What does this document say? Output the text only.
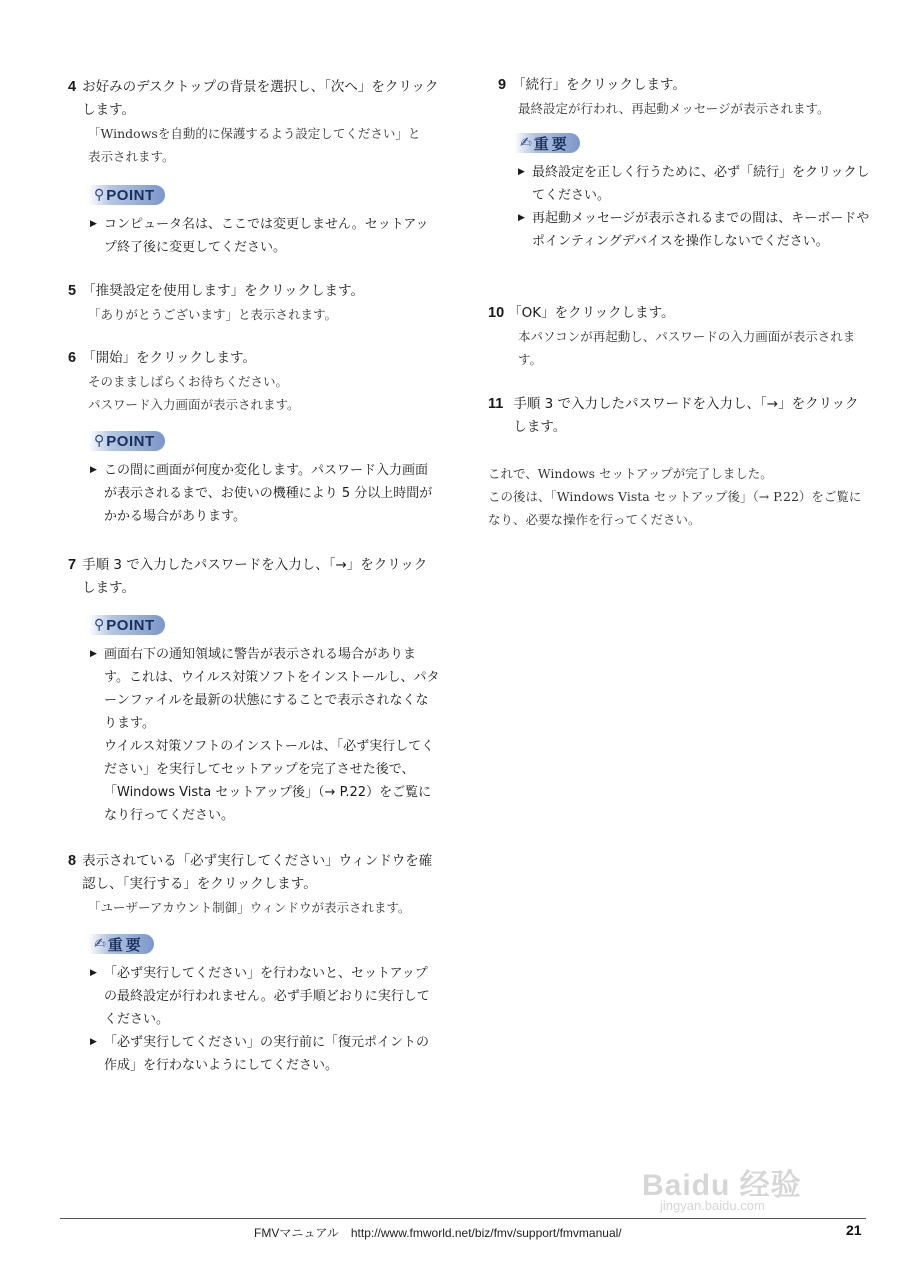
4 お好みのデスクトップの背景を選択し、「次へ」をクリックします。
「Windowsを自動的に保護するよう設定してください」と
表示されます。
⚲ POINT
▶ コンピュータ名は、ここでは変更しません。セットアップ終了後に変更してください。
5 「推奨設定を使用します」をクリックします。
「ありがとうございます」と表示されます。
6 「開始」をクリックします。
そのまましばらくお待ちください。
パスワード入力画面が表示されます。
⚲ POINT
▶ この間に画面が何度か変化します。パスワード入力画面が表示されるまで、お使いの機種により 5 分以上時間がかかる場合があります。
7 手順 3 で入力したパスワードを入力し、「→」をクリックします。
⚲ POINT
▶ 画面右下の通知領域に警告が表示される場合があります。これは、ウイルス対策ソフトをインストールし、パターンファイルを最新の状態にすることで表示されなくなります。
ウイルス対策ソフトのインストールは、「必ず実行してください」を実行してセットアップを完了させた後で、「Windows Vista セットアップ後」（→ P.22）をご覧になり行ってください。
8 表示されている「必ず実行してください」ウィンドウを確認し、「実行する」をクリックします。
「ユーザーアカウント制御」ウィンドウが表示されます。
✍ 重要
▶ 「必ず実行してください」を行わないと、セットアップの最終設定が行われません。必ず手順どおりに実行してください。
▶ 「必ず実行してください」の実行前に「復元ポイントの作成」を行わないようにしてください。
9 「続行」をクリックします。
最終設定が行われ、再起動メッセージが表示されます。
✍ 重要
▶ 最終設定を正しく行うために、必ず「続行」をクリックしてください。
▶ 再起動メッセージが表示されるまでの間は、キーボードやポインティングデバイスを操作しないでください。
10 「OK」をクリックします。
本パソコンが再起動し、パスワードの入力画面が表示されます。
11 手順 3 で入力したパスワードを入力し、「→」をクリックします。
これで、Windows セットアップが完了しました。
この後は、「Windows Vista セットアップ後」（→ P.22）をご覧になり、必要な操作を行ってください。
FMVマニュアル　http://www.fmworld.net/biz/fmv/support/fmvmanual/	21
Baidu 经验
jingyan.baidu.com
